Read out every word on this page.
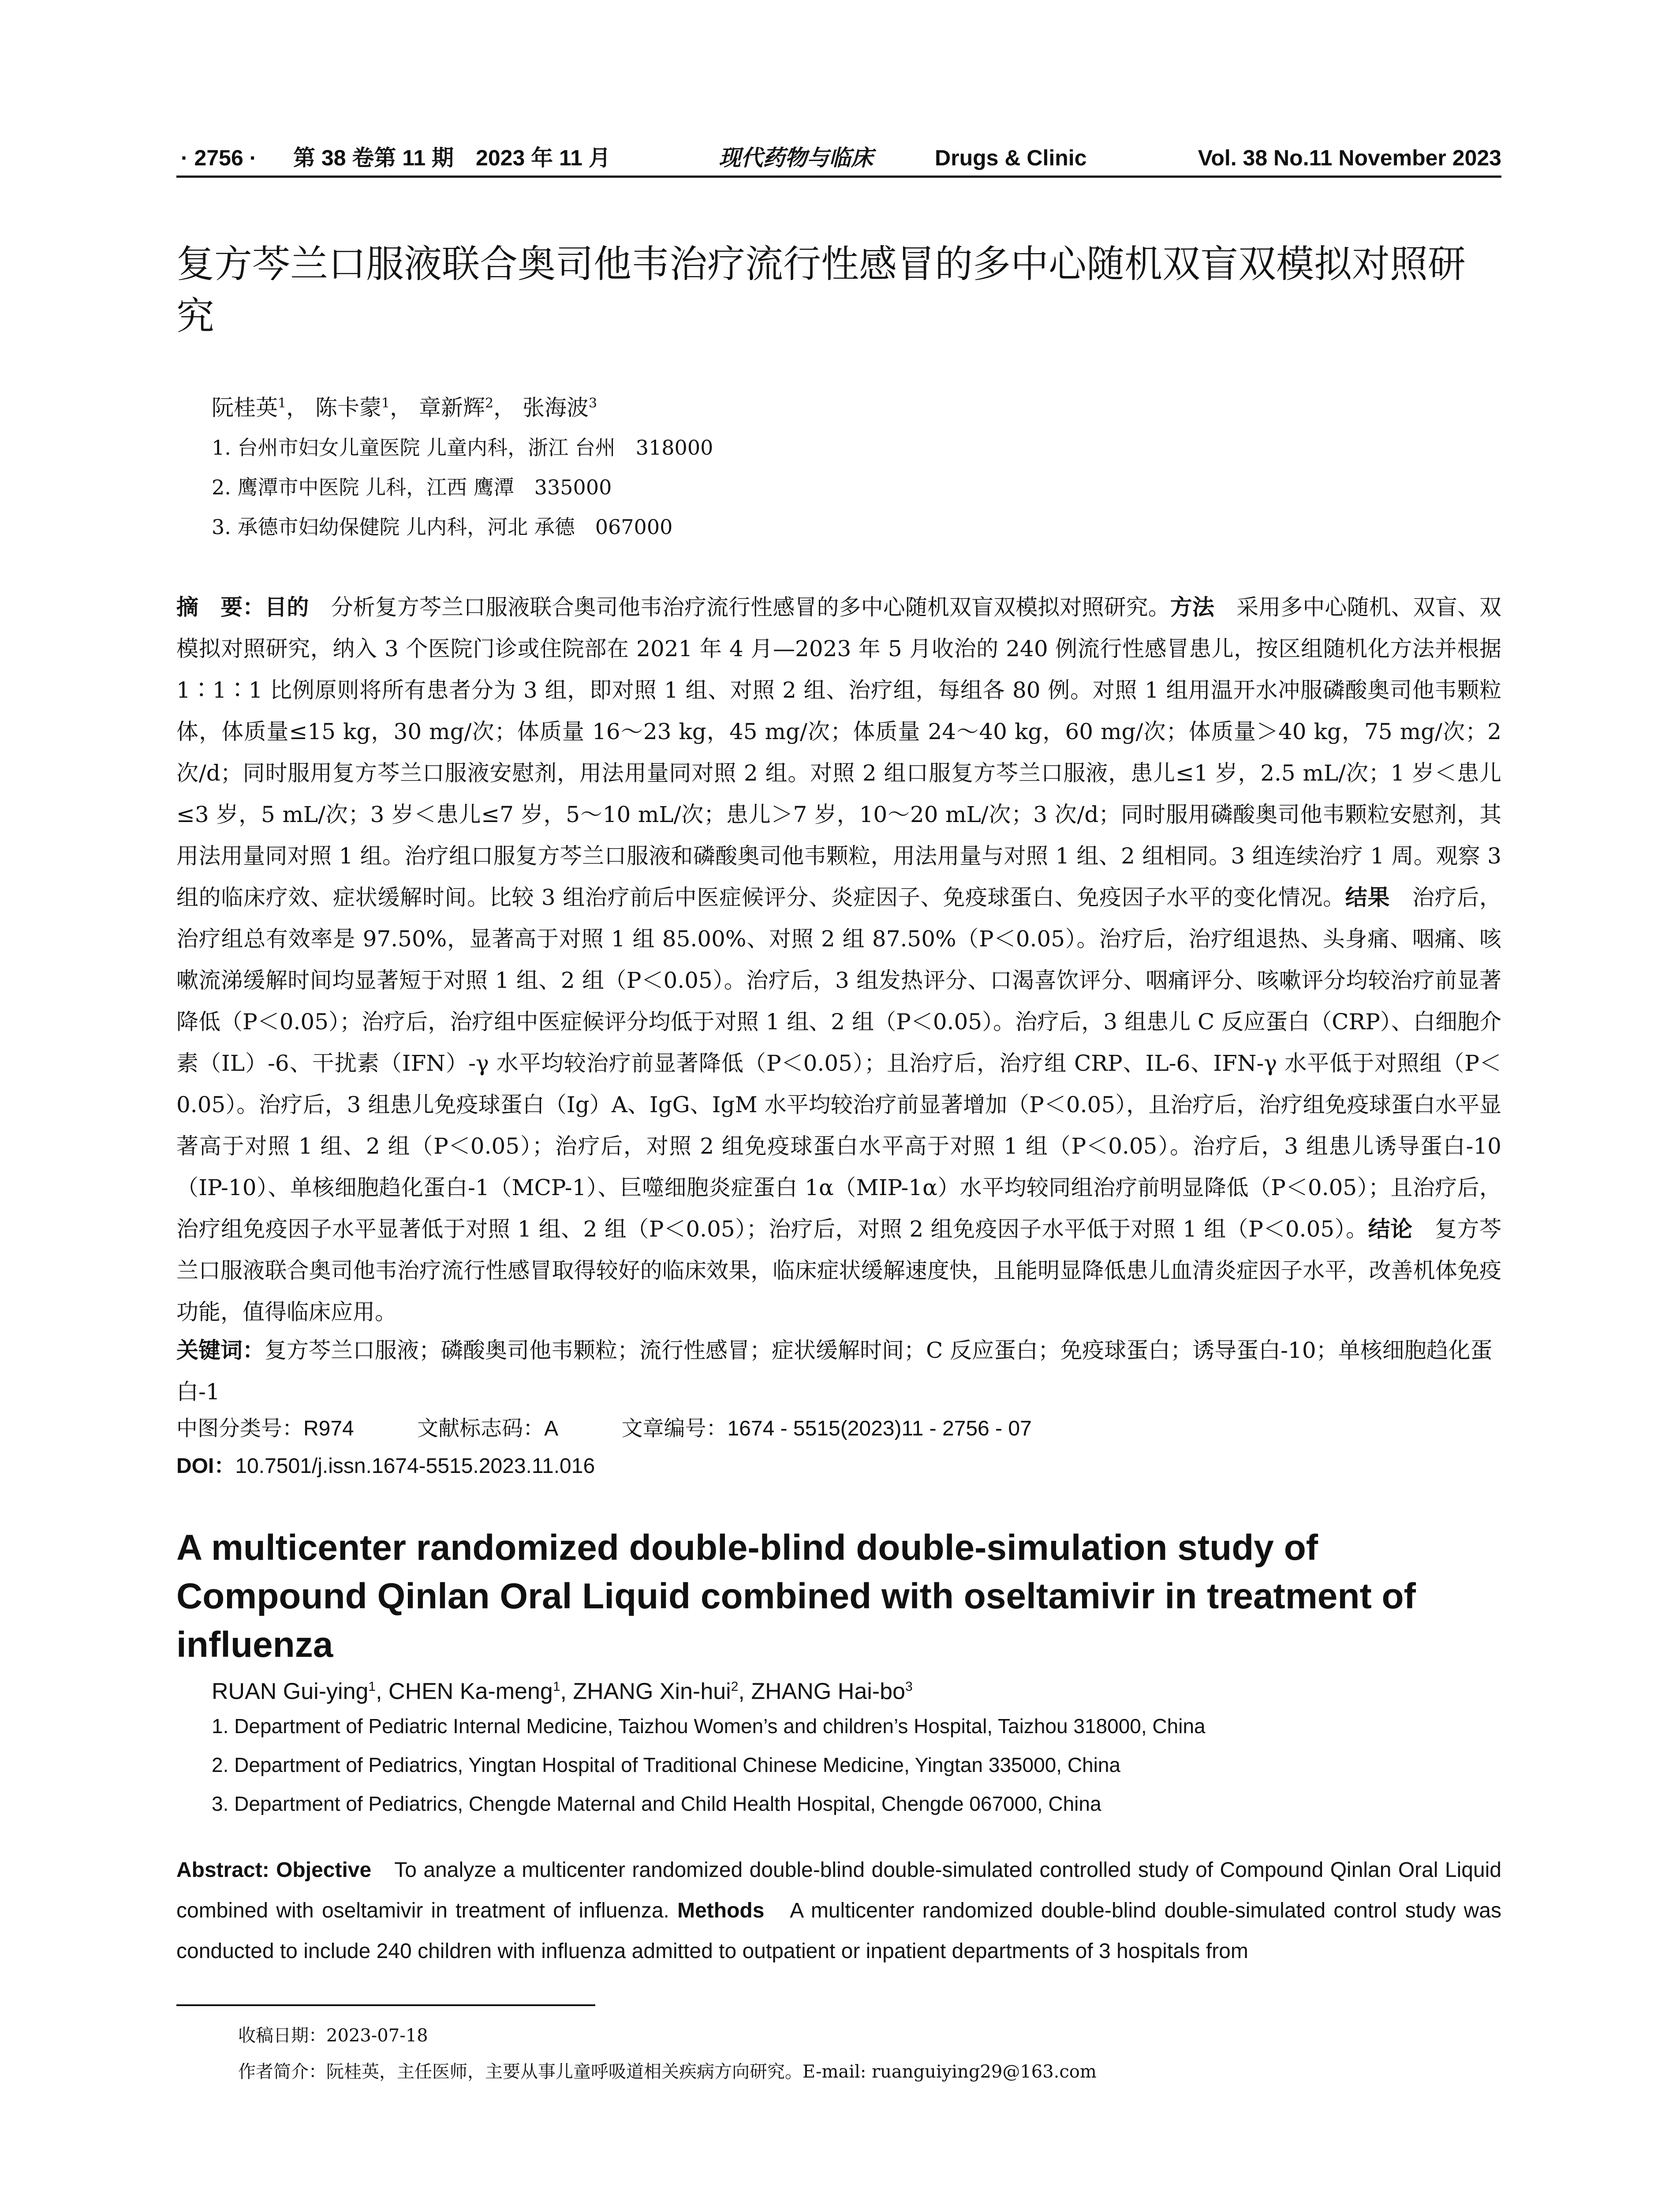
· 2756 · 第 38 卷第 11 期　2023 年 11 月	现代药物与临床	Drugs & Clinic	Vol. 38 No.11 November 2023
复方芩兰口服液联合奥司他韦治疗流行性感冒的多中心随机双盲双模拟对照研究
阮桂英$^1$， 陈卡蒙$^1$， 章新辉$^2$， 张海波$^3$
1. 台州市妇女儿童医院 儿童内科，浙江 台州　318000
2. 鹰潭市中医院 儿科，江西 鹰潭　335000
3. 承德市妇幼保健院 儿内科，河北 承德　067000
摘　要：目的　分析复方芩兰口服液联合奥司他韦治疗流行性感冒的多中心随机双盲双模拟对照研究。方法　采用多中心随机、双盲、双模拟对照研究，纳入 3 个医院门诊或住院部在 2021 年 4 月—2023 年 5 月收治的 240 例流行性感冒患儿，按区组随机化方法并根据 1∶1∶1 比例原则将所有患者分为 3 组，即对照 1 组、对照 2 组、治疗组，每组各 80 例。对照 1 组用温开水冲服磷酸奥司他韦颗粒体，体质量≤15 kg，30 mg/次；体质量 16～23 kg，45 mg/次；体质量 24～40 kg，60 mg/次；体质量＞40 kg，75 mg/次；2 次/d；同时服用复方芩兰口服液安慰剂，用法用量同对照 2 组。对照 2 组口服复方芩兰口服液，患儿≤1 岁，2.5 mL/次；1 岁＜患儿≤3 岁，5 mL/次；3 岁＜患儿≤7 岁，5～10 mL/次；患儿＞7 岁，10～20 mL/次；3 次/d；同时服用磷酸奥司他韦颗粒安慰剂，其用法用量同对照 1 组。治疗组口服复方芩兰口服液和磷酸奥司他韦颗粒，用法用量与对照 1 组、2 组相同。3 组连续治疗 1 周。观察 3 组的临床疗效、症状缓解时间。比较 3 组治疗前后中医症候评分、炎症因子、免疫球蛋白、免疫因子水平的变化情况。结果　治疗后，治疗组总有效率是 97.50%，显著高于对照 1 组 85.00%、对照 2 组 87.50%（P＜0.05）。治疗后，治疗组退热、头身痛、咽痛、咳嗽流涕缓解时间均显著短于对照 1 组、2 组（P＜0.05）。治疗后，3 组发热评分、口渴喜饮评分、咽痛评分、咳嗽评分均较治疗前显著降低（P＜0.05）；治疗后，治疗组中医症候评分均低于对照 1 组、2 组（P＜0.05）。治疗后，3 组患儿 C 反应蛋白（CRP）、白细胞介素（IL）-6、干扰素（IFN）-γ 水平均较治疗前显著降低（P＜0.05）；且治疗后，治疗组 CRP、IL-6、IFN-γ 水平低于对照组（P＜0.05）。治疗后，3 组患儿免疫球蛋白（Ig）A、IgG、IgM 水平均较治疗前显著增加（P＜0.05），且治疗后，治疗组免疫球蛋白水平显著高于对照 1 组、2 组（P＜0.05）；治疗后，对照 2 组免疫球蛋白水平高于对照 1 组（P＜0.05）。治疗后，3 组患儿诱导蛋白-10（IP-10）、单核细胞趋化蛋白-1（MCP-1）、巨噬细胞炎症蛋白 1α（MIP-1α）水平均较同组治疗前明显降低（P＜0.05）；且治疗后，治疗组免疫因子水平显著低于对照 1 组、2 组（P＜0.05）；治疗后，对照 2 组免疫因子水平低于对照 1 组（P＜0.05）。结论　复方芩兰口服液联合奥司他韦治疗流行性感冒取得较好的临床效果，临床症状缓解速度快，且能明显降低患儿血清炎症因子水平，改善机体免疫功能，值得临床应用。
关键词：复方芩兰口服液；磷酸奥司他韦颗粒；流行性感冒；症状缓解时间；C 反应蛋白；免疫球蛋白；诱导蛋白-10；单核细胞趋化蛋白-1
中图分类号：R974	文献标志码：A	文章编号：1674 - 5515(2023)11 - 2756 - 07
DOI：10.7501/j.issn.1674-5515.2023.11.016
A multicenter randomized double-blind double-simulation study of Compound Qinlan Oral Liquid combined with oseltamivir in treatment of influenza
RUAN Gui-ying$^1$, CHEN Ka-meng$^1$, ZHANG Xin-hui$^2$, ZHANG Hai-$bo^3$
1. Department of Pediatric Internal Medicine, Taizhou Women’s and children’s Hospital, Taizhou 318000, China
2. Department of Pediatrics, Yingtan Hospital of Traditional Chinese Medicine, Yingtan 335000, China
3. Department of Pediatrics, Chengde Maternal and Child Health Hospital, Chengde 067000, China
Abstract: Objective　To analyze a multicenter randomized double-blind double-simulated controlled study of Compound Qinlan Oral Liquid combined with oseltamivir in treatment of influenza. Methods　A multicenter randomized double-blind double-simulated control study was conducted to include 240 children with influenza admitted to outpatient or inpatient departments of 3 hospitals from
收稿日期：2023-07-18
作者简介：阮桂英，主任医师，主要从事儿童呼吸道相关疾病方向研究。E-mail: ruanguiying29@163.com
